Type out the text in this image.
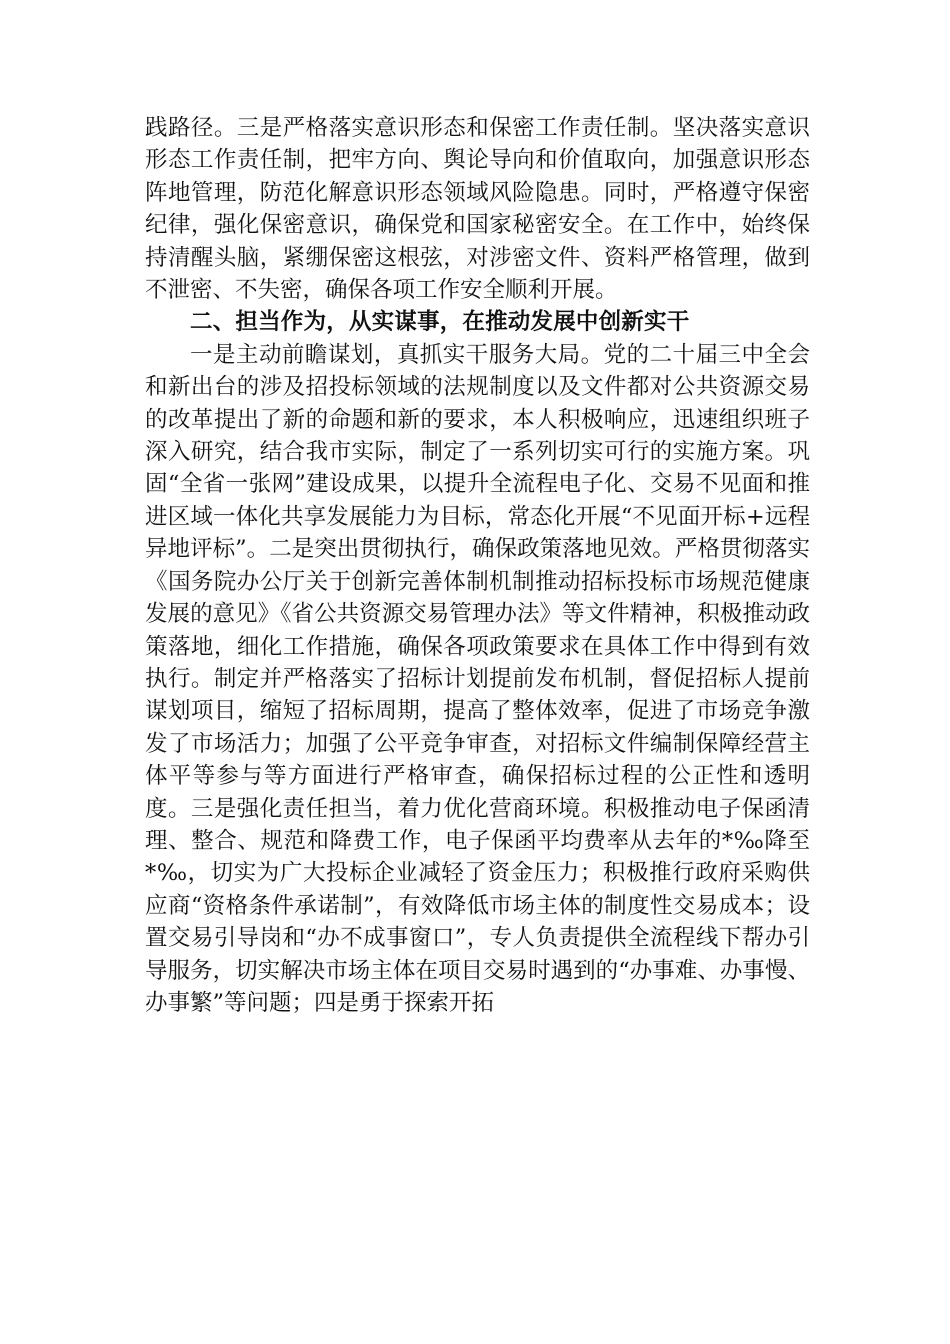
践路径。三是严格落实意识形态和保密工作责任制。坚决落实意识形态工作责任制，把牢方向、舆论导向和价值取向，加强意识形态阵地管理，防范化解意识形态领域风险隐患。同时，严格遵守保密纪律，强化保密意识，确保党和国家秘密安全。在工作中，始终保持清醒头脑，紧绷保密这根弦，对涉密文件、资料严格管理，做到不泄密、不失密，确保各项工作安全顺利开展。

二、担当作为，从实谋事，在推动发展中创新实干

一是主动前瞻谋划，真抓实干服务大局。党的二十届三中全会和新出台的涉及招投标领域的法规制度以及文件都对公共资源交易的改革提出了新的命题和新的要求，本人积极响应，迅速组织班子深入研究，结合我市实际，制定了一系列切实可行的实施方案。巩固“全省一张网”建设成果，以提升全流程电子化、交易不见面和推进区域一体化共享发展能力为目标，常态化开展“不见面开标+远程异地评标”。二是突出贯彻执行，确保政策落地见效。严格贯彻落实《国务院办公厅关于创新完善体制机制推动招标投标市场规范健康发展的意见》《省公共资源交易管理办法》等文件精神，积极推动政策落地，细化工作措施，确保各项政策要求在具体工作中得到有效执行。制定并严格落实了招标计划提前发布机制，督促招标人提前谋划项目，缩短了招标周期，提高了整体效率，促进了市场竞争激发了市场活力；加强了公平竞争审查，对招标文件编制保障经营主体平等参与等方面进行严格审查，确保招标过程的公正性和透明度。三是强化责任担当，着力优化营商环境。积极推动电子保函清理、整合、规范和降费工作，电子保函平均费率从去年的*‰降至*‰，切实为广大投标企业减轻了资金压力；积极推行政府采购供应商“资格条件承诺制”，有效降低市场主体的制度性交易成本；设置交易引导岗和“办不成事窗口”，专人负责提供全流程线下帮办引导服务，切实解决市场主体在项目交易时遇到的“办事难、办事慢、办事繁”等问题；四是勇于探索开拓
